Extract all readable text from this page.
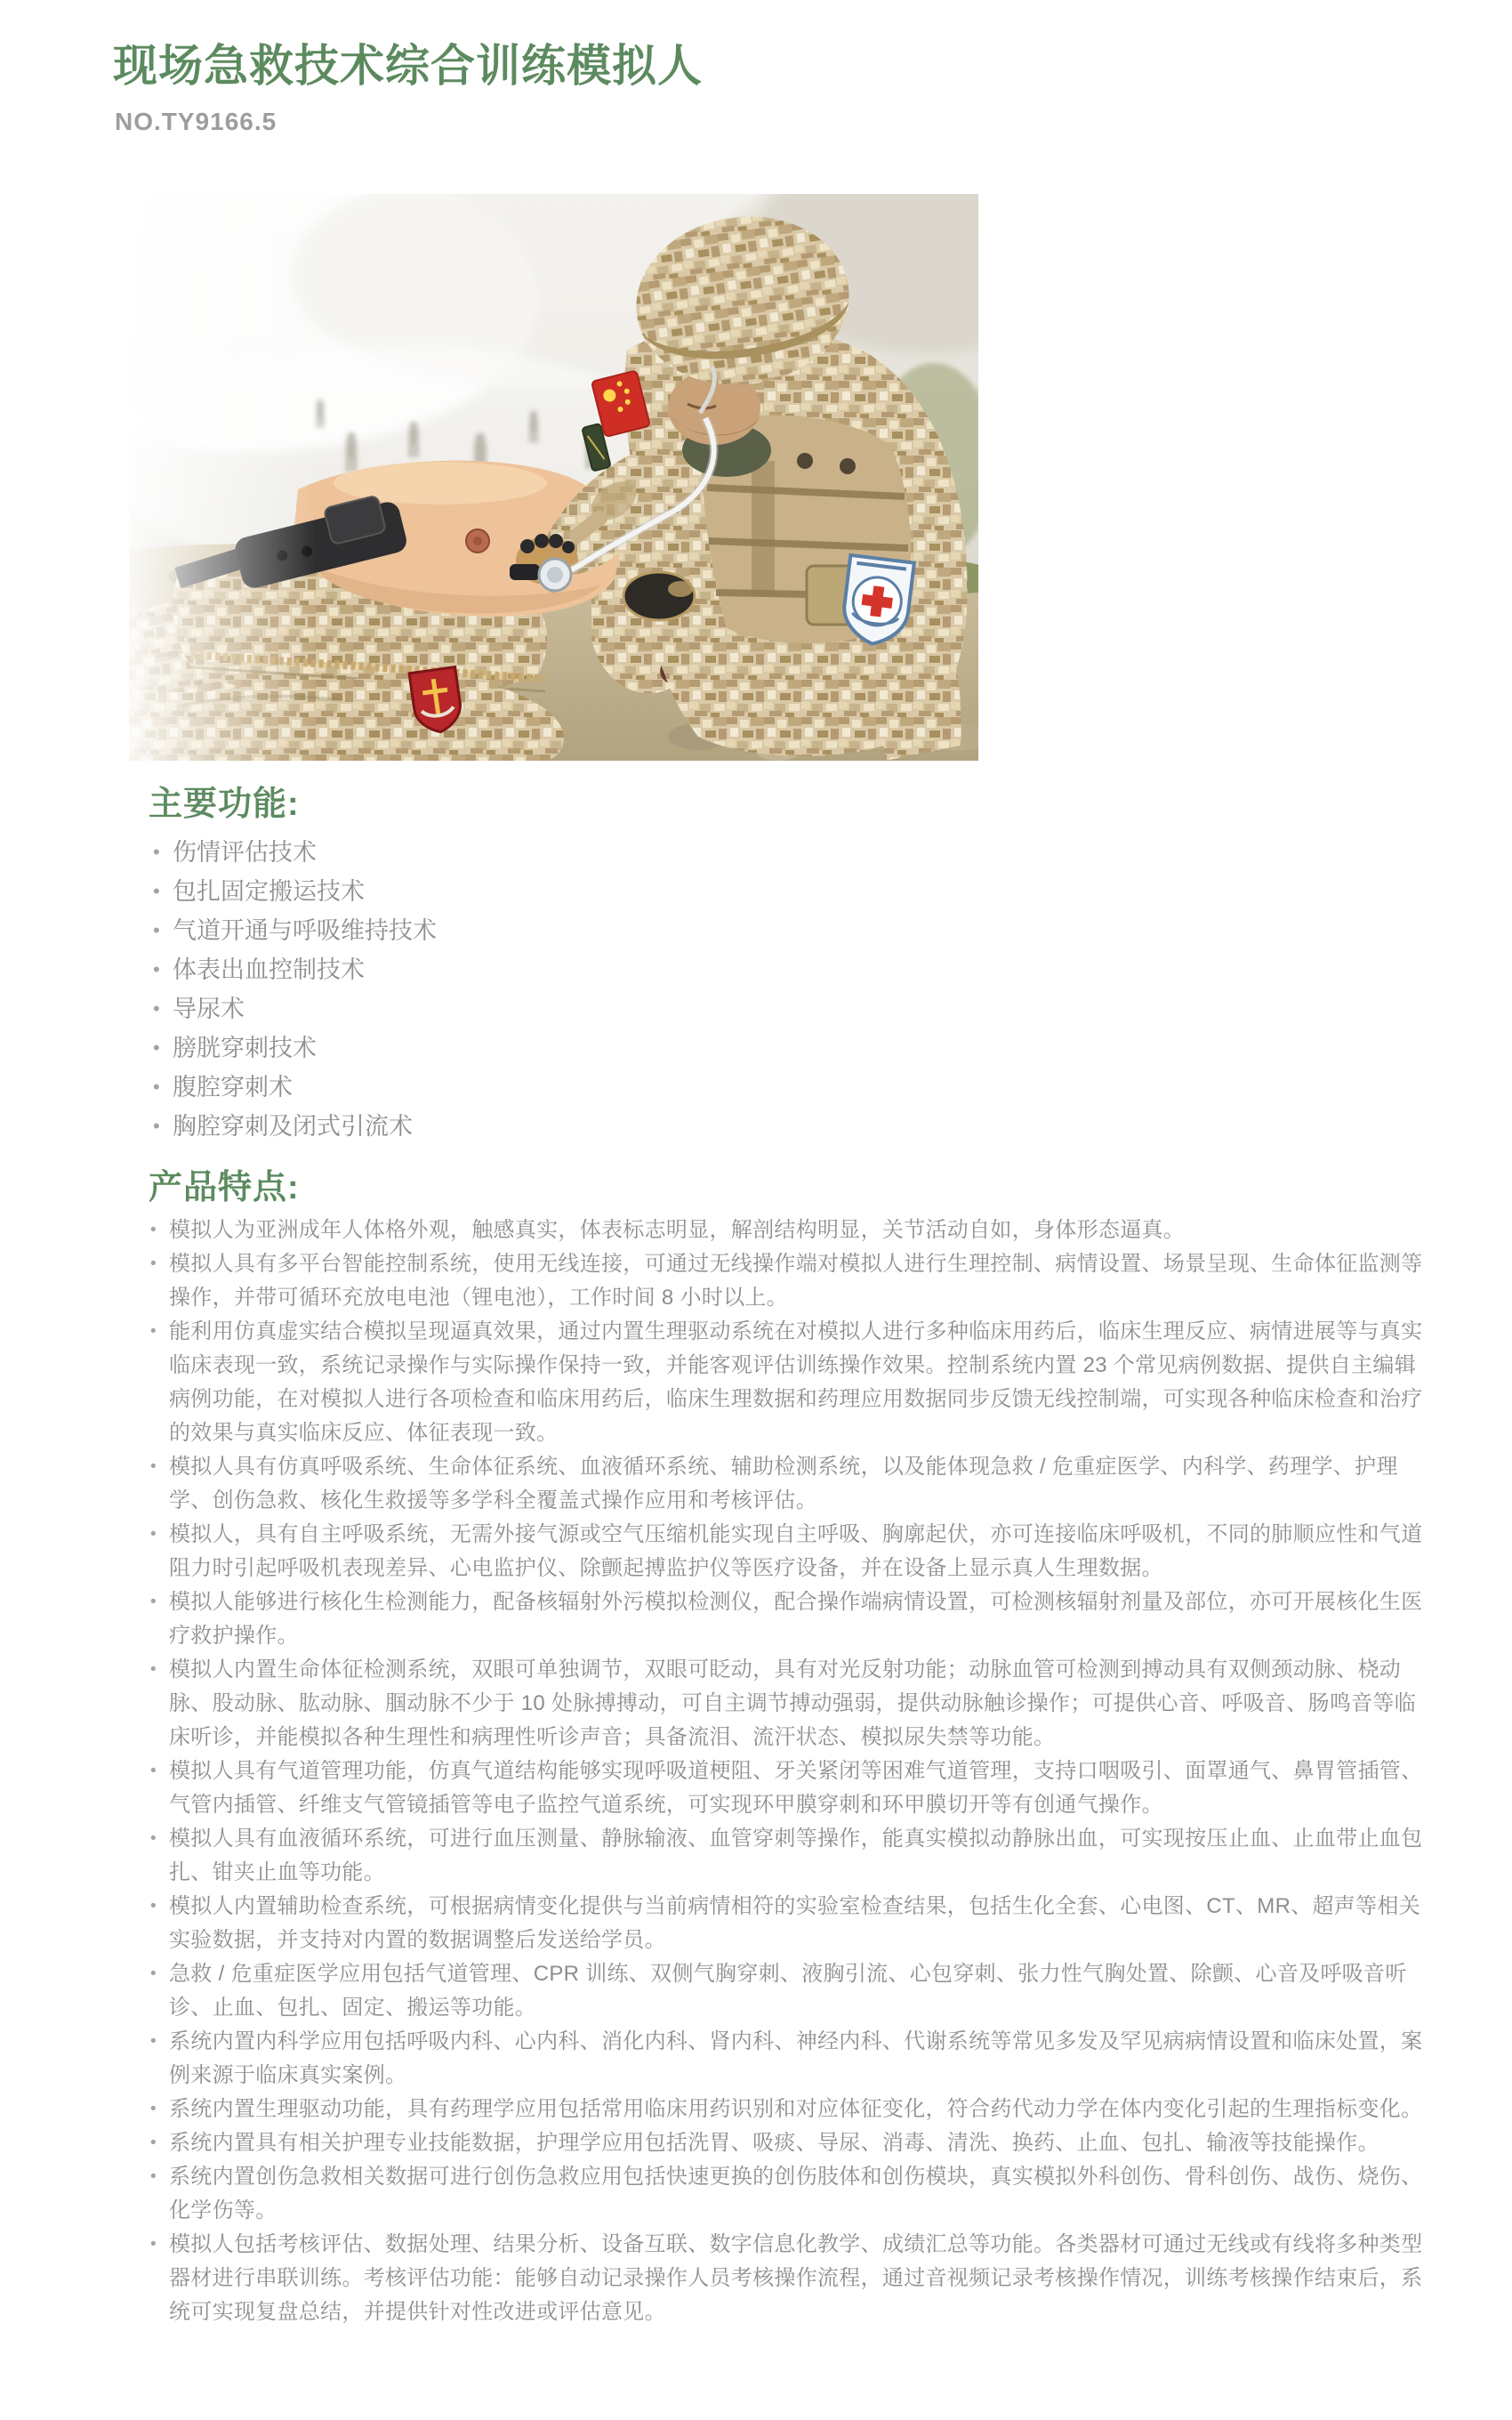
现场急救技术综合训练模拟人

NO.TY9166.5

主要功能:
• 伤情评估技术
• 包扎固定搬运技术
• 气道开通与呼吸维持技术
• 体表出血控制技术
• 导尿术
• 膀胱穿刺技术
• 腹腔穿刺术
• 胸腔穿刺及闭式引流术
产品特点:
• 模拟人为亚洲成年人体格外观，触感真实，体表标志明显，解剖结构明显，关节活动自如，身体形态逼真。
• 模拟人具有多平台智能控制系统，使用无线连接，可通过无线操作端对模拟人进行生理控制、病情设置、场景呈现、生命体征监测等操作，并带可循环充放电电池（锂电池），工作时间 8 小时以上。
• 能利用仿真虚实结合模拟呈现逼真效果，通过内置生理驱动系统在对模拟人进行多种临床用药后，临床生理反应、病情进展等与真实临床表现一致，系统记录操作与实际操作保持一致，并能客观评估训练操作效果。控制系统内置 23 个常见病例数据、提供自主编辑病例功能，在对模拟人进行各项检查和临床用药后，临床生理数据和药理应用数据同步反馈无线控制端，可实现各种临床检查和治疗的效果与真实临床反应、体征表现一致。
• 模拟人具有仿真呼吸系统、生命体征系统、血液循环系统、辅助检测系统，以及能体现急救 / 危重症医学、内科学、药理学、护理学、创伤急救、核化生救援等多学科全覆盖式操作应用和考核评估。
• 模拟人，具有自主呼吸系统，无需外接气源或空气压缩机能实现自主呼吸、胸廓起伏，亦可连接临床呼吸机，不同的肺顺应性和气道阻力时引起呼吸机表现差异、心电监护仪、除颤起搏监护仪等医疗设备，并在设备上显示真人生理数据。
• 模拟人能够进行核化生检测能力，配备核辐射外污模拟检测仪，配合操作端病情设置，可检测核辐射剂量及部位，亦可开展核化生医疗救护操作。
• 模拟人内置生命体征检测系统，双眼可单独调节，双眼可眨动，具有对光反射功能；动脉血管可检测到搏动具有双侧颈动脉、桡动脉、股动脉、肱动脉、腘动脉不少于 10 处脉搏搏动，可自主调节搏动强弱，提供动脉触诊操作；可提供心音、呼吸音、肠鸣音等临床听诊，并能模拟各种生理性和病理性听诊声音；具备流泪、流汗状态、模拟尿失禁等功能。
• 模拟人具有气道管理功能，仿真气道结构能够实现呼吸道梗阻、牙关紧闭等困难气道管理，支持口咽吸引、面罩通气、鼻胃管插管、气管内插管、纤维支气管镜插管等电子监控气道系统，可实现环甲膜穿刺和环甲膜切开等有创通气操作。
• 模拟人具有血液循环系统，可进行血压测量、静脉输液、血管穿刺等操作，能真实模拟动静脉出血，可实现按压止血、止血带止血包扎、钳夹止血等功能。
• 模拟人内置辅助检查系统，可根据病情变化提供与当前病情相符的实验室检查结果，包括生化全套、心电图、CT、MR、超声等相关实验数据，并支持对内置的数据调整后发送给学员。
• 急救 / 危重症医学应用包括气道管理、CPR 训练、双侧气胸穿刺、液胸引流、心包穿刺、张力性气胸处置、除颤、心音及呼吸音听诊、止血、包扎、固定、搬运等功能。
• 系统内置内科学应用包括呼吸内科、心内科、消化内科、肾内科、神经内科、代谢系统等常见多发及罕见病病情设置和临床处置，案例来源于临床真实案例。
• 系统内置生理驱动功能，具有药理学应用包括常用临床用药识别和对应体征变化，符合药代动力学在体内变化引起的生理指标变化。
• 系统内置具有相关护理专业技能数据，护理学应用包括洗胃、吸痰、导尿、消毒、清洗、换药、止血、包扎、输液等技能操作。
• 系统内置创伤急救相关数据可进行创伤急救应用包括快速更换的创伤肢体和创伤模块，真实模拟外科创伤、骨科创伤、战伤、烧伤、化学伤等。
• 模拟人包括考核评估、数据处理、结果分析、设备互联、数字信息化教学、成绩汇总等功能。各类器材可通过无线或有线将多种类型器材进行串联训练。考核评估功能：能够自动记录操作人员考核操作流程，通过音视频记录考核操作情况，训练考核操作结束后，系统可实现复盘总结，并提供针对性改进或评估意见。
